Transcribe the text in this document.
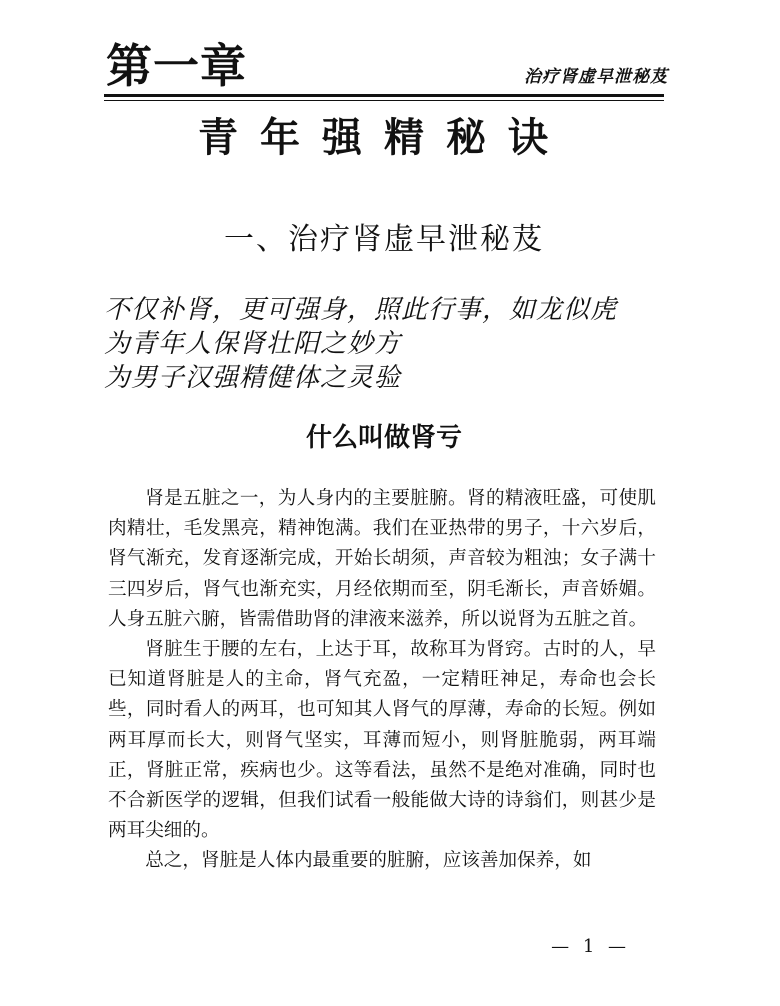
第一章	治疗肾虚早泄秘芨
青年强精秘诀
一、治疗肾虚早泄秘芨
不仅补肾，更可强身，照此行事，如龙似虎
为青年人保肾壮阳之妙方
为男子汉强精健体之灵验
什么叫做肾亏

肾是五脏之一，为人身内的主要脏腑。肾的精液旺盛，可使肌肉精壮，毛发黑亮，精神饱满。我们在亚热带的男子，十六岁后，肾气渐充，发育逐渐完成，开始长胡须，声音较为粗浊；女子满十三四岁后，肾气也渐充实，月经依期而至，阴毛渐长，声音娇媚。人身五脏六腑，皆需借助肾的津液来滋养，所以说肾为五脏之首。

肾脏生于腰的左右，上达于耳，故称耳为肾窍。古时的人，早已知道肾脏是人的主命，肾气充盈，一定精旺神足，寿命也会长些，同时看人的两耳，也可知其人肾气的厚薄，寿命的长短。例如两耳厚而长大，则肾气坚实，耳薄而短小，则肾脏脆弱，两耳端正，肾脏正常，疾病也少。这等看法，虽然不是绝对准确，同时也不合新医学的逻辑，但我们试看一般能做大诗的诗翁们，则甚少是两耳尖细的。

总之，肾脏是人体内最重要的脏腑，应该善加保养，如

— 1 —
